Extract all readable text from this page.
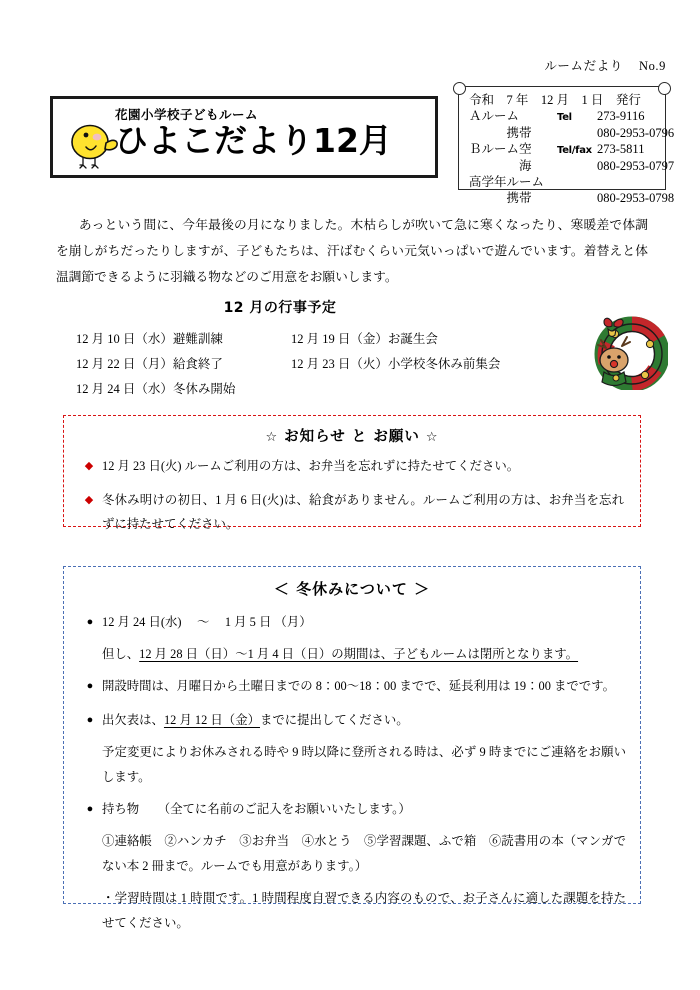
ルームだより No.9
花園小学校子どもルーム
ひよこだより12月
令和　7 年　12 月　1 日　発行
Ａルーム	Tel 273-9116
　　　携帯	080-2953-0796
Ｂルーム空	Tel/fax 273-5811
　　　　海	080-2953-0797
高学年ルーム
　　　携帯	080-2953-0798
あっという間に、今年最後の月になりました。木枯らしが吹いて急に寒くなったり、寒暖差で体調を崩しがちだったりしますが、子どもたちは、汗ばむくらい元気いっぱいで遊んでいます。着替えと体温調節できるように羽織る物などのご用意をお願いします。
12 月の行事予定
12 月 10 日（水）避難訓練	12 月 19 日（金）お誕生会
12 月 22 日（月）給食終了	12 月 23 日（火）小学校冬休み前集会
12 月 24 日（水）冬休み開始
☆ お知らせ と お願い ☆
◆ 12 月 23 日(火) ルームご利用の方は、お弁当を忘れずに持たせてください。
◆ 冬休み明けの初日、1 月 6 日(火)は、給食がありません。ルームご利用の方は、お弁当を忘れずに持たせてください。
＜ 冬休みについて ＞
● 12 月 24 日(水) 　～　 1 月 5 日 （月）
但し、12 月 28 日（日）～1 月 4 日（日）の期間は、子どもルームは閉所となります。
● 開設時間は、月曜日から土曜日までの 8：00～18：00 までで、延長利用は 19：00 までです。
● 出欠表は、12 月 12 日（金）までに提出してください。
予定変更によりお休みされる時や 9 時以降に登所される時は、必ず 9 時までにご連絡をお願いします。
● 持ち物　　（全てに名前のご記入をお願いいたします。）
①連絡帳　②ハンカチ　③お弁当　④水とう　⑤学習課題、ふで箱　⑥読書用の本（マンガでない本 2 冊まで。ルームでも用意があります。）
・学習時間は 1 時間です。1 時間程度自習できる内容のもので、お子さんに適した課題を持たせてください。
